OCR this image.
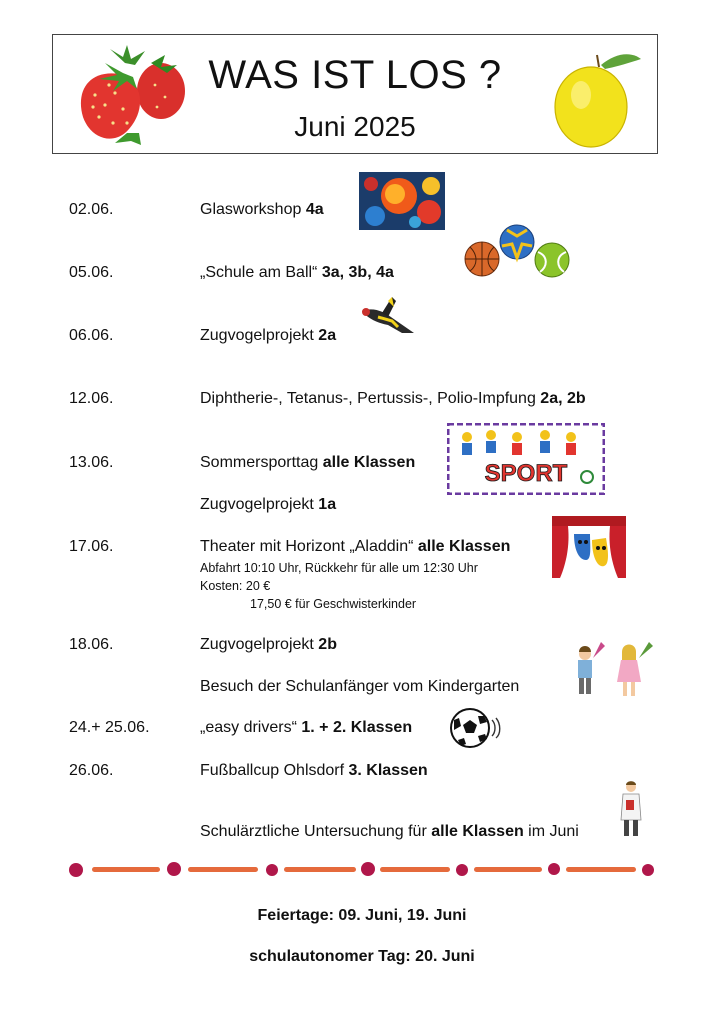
WAS IST LOS ?
Juni 2025
02.06.	Glasworkshop 4a
05.06.	„Schule am Ball“ 3a, 3b, 4a
06.06.	Zugvogelprojekt 2a
12.06.	Diphtherie-, Tetanus-, Pertussis-, Polio-Impfung 2a, 2b
13.06.	Sommersporttag alle Klassen
Zugvogelprojekt 1a
17.06.	Theater mit Horizont „Aladdin“ alle Klassen
Abfahrt 10:10 Uhr, Rückkehr für alle um 12:30 Uhr
Kosten: 20 €
17,50 € für Geschwisterkinder
18.06.	Zugvogelprojekt 2b
Besuch der Schulanfänger vom Kindergarten
24.+ 25.06.	„easy drivers“ 1. + 2. Klassen
26.06.	Fußballcup Ohlsdorf 3. Klassen
Schulärztliche Untersuchung für alle Klassen im Juni
SPORT
Feiertage: 09. Juni, 19. Juni
schulautonomer Tag: 20. Juni
